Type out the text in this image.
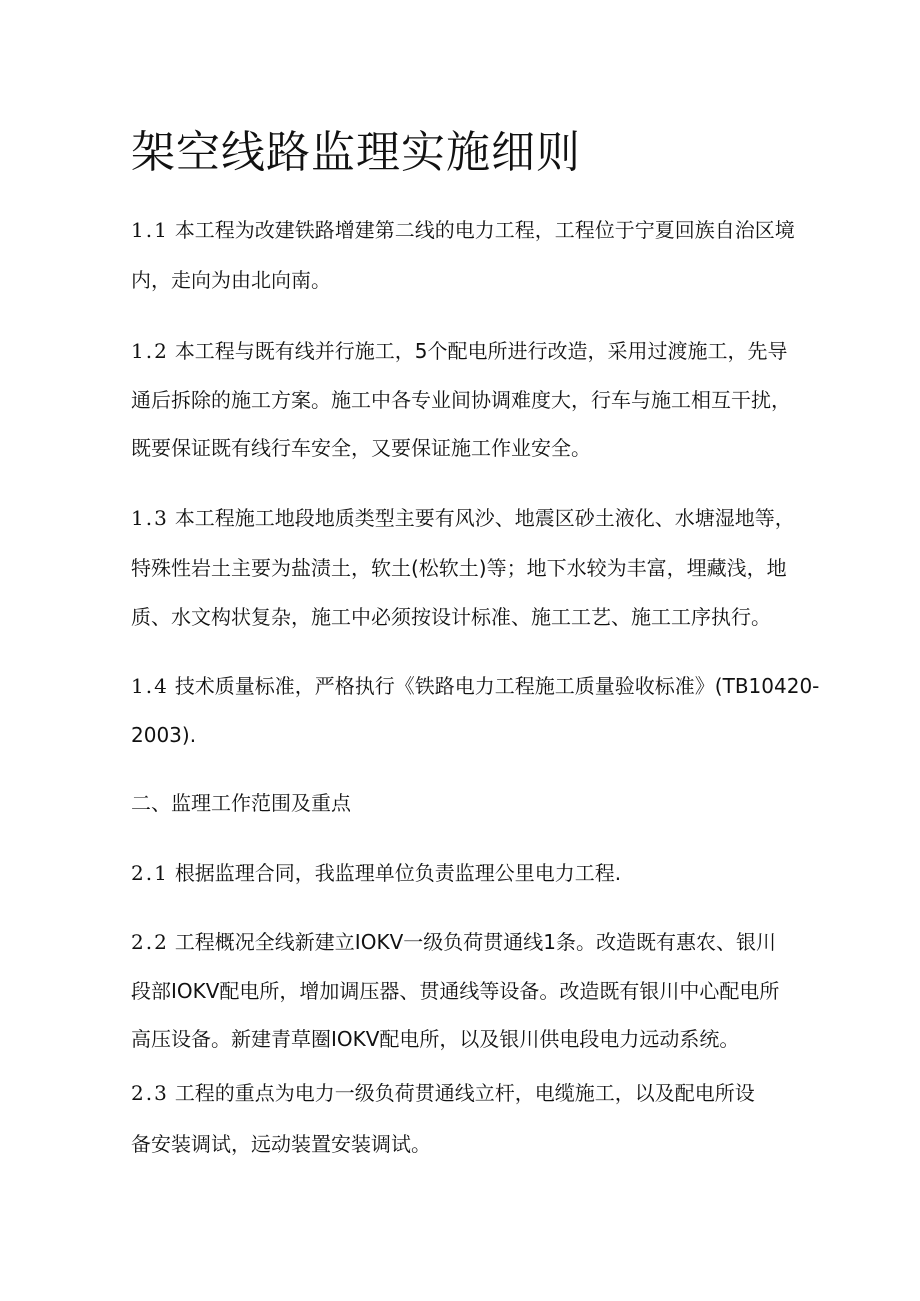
架空线路监理实施细则

1.1 本工程为改建铁路增建第二线的电力工程，工程位于宁夏回族自治区境

内，走向为由北向南。

1.2 本工程与既有线并行施工，5个配电所进行改造，采用过渡施工，先导

通后拆除的施工方案。施工中各专业间协调难度大，行车与施工相互干扰，

既要保证既有线行车安全，又要保证施工作业安全。

1.3 本工程施工地段地质类型主要有风沙、地震区砂土液化、水塘湿地等，

特殊性岩土主要为盐渍土，软土(松软土)等；地下水较为丰富，埋藏浅，地

质、水文构状复杂，施工中必须按设计标准、施工工艺、施工工序执行。

1.4 技术质量标准，严格执行《铁路电力工程施工质量验收标准》(TB10420-

2003).

二、监理工作范围及重点

2.1 根据监理合同，我监理单位负责监理公里电力工程.

2.2 工程概况全线新建立IOKV一级负荷贯通线1条。改造既有惠农、银川

段部IOKV配电所，增加调压器、贯通线等设备。改造既有银川中心配电所

高压设备。新建青草圈IOKV配电所，以及银川供电段电力远动系统。

2.3 工程的重点为电力一级负荷贯通线立杆，电缆施工，以及配电所设

备安装调试，远动装置安装调试。
